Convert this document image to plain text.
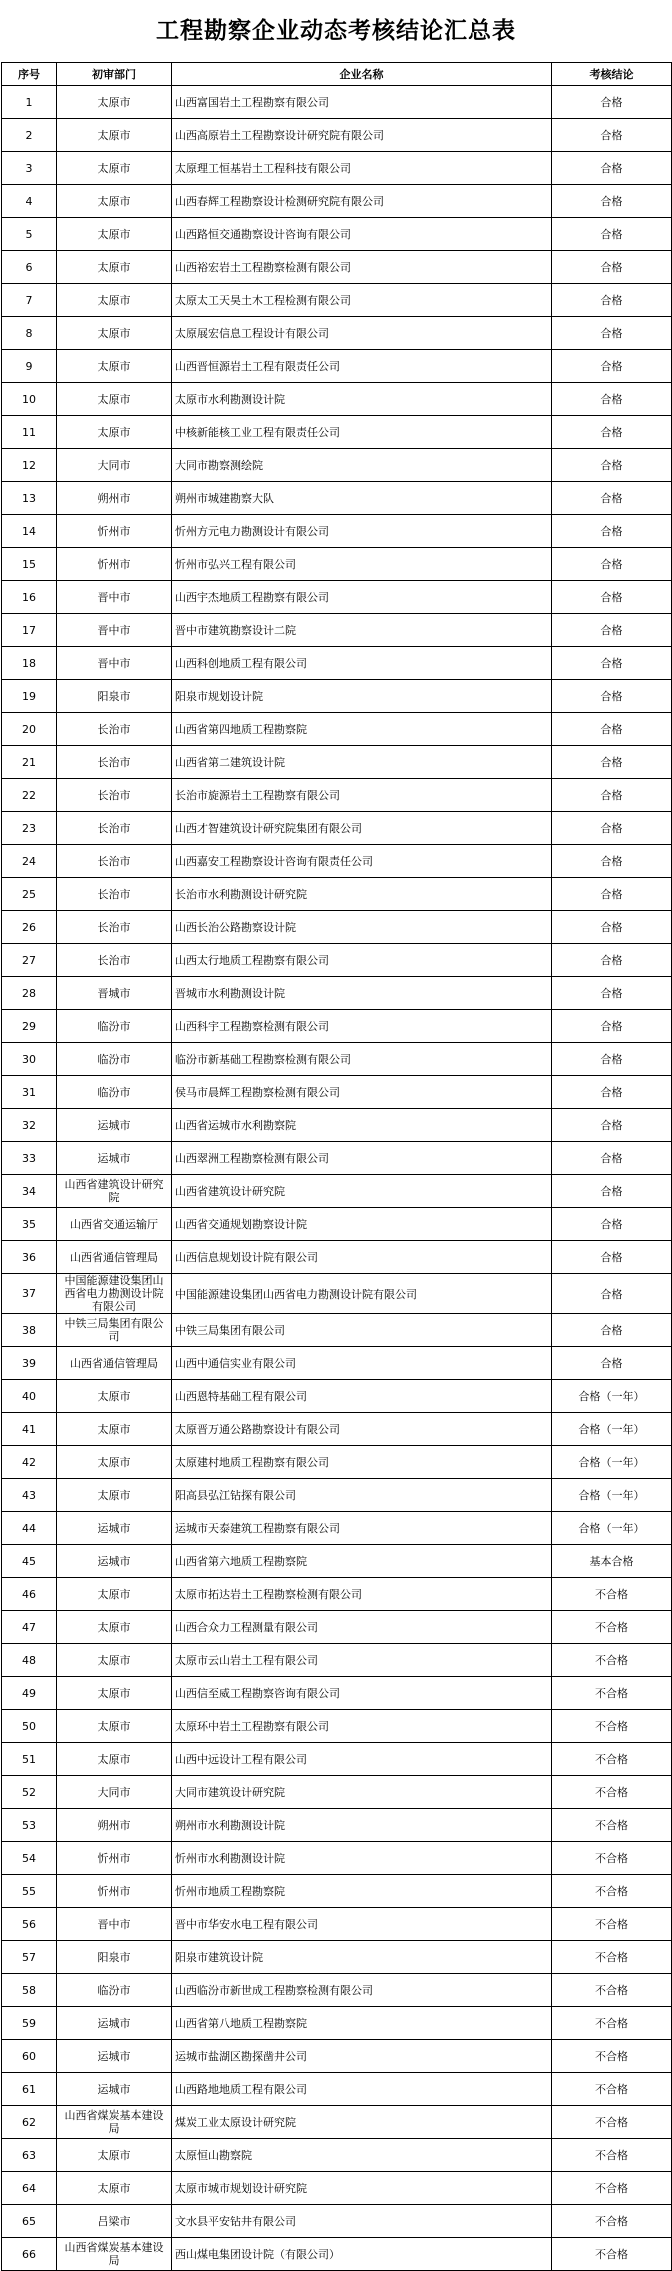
工程勘察企业动态考核结论汇总表
序号	初审部门	企业名称	考核结论
1	太原市	山西富国岩土工程勘察有限公司	合格
2	太原市	山西高原岩土工程勘察设计研究院有限公司	合格
3	太原市	太原理工恒基岩土工程科技有限公司	合格
4	太原市	山西春辉工程勘察设计检测研究院有限公司	合格
5	太原市	山西路恒交通勘察设计咨询有限公司	合格
6	太原市	山西裕宏岩土工程勘察检测有限公司	合格
7	太原市	太原太工天昊土木工程检测有限公司	合格
8	太原市	太原展宏信息工程设计有限公司	合格
9	太原市	山西晋恒源岩土工程有限责任公司	合格
10	太原市	太原市水利勘测设计院	合格
11	太原市	中核新能核工业工程有限责任公司	合格
12	大同市	大同市勘察测绘院	合格
13	朔州市	朔州市城建勘察大队	合格
14	忻州市	忻州方元电力勘测设计有限公司	合格
15	忻州市	忻州市弘兴工程有限公司	合格
16	晋中市	山西宇杰地质工程勘察有限公司	合格
17	晋中市	晋中市建筑勘察设计二院	合格
18	晋中市	山西科创地质工程有限公司	合格
19	阳泉市	阳泉市规划设计院	合格
20	长治市	山西省第四地质工程勘察院	合格
21	长治市	山西省第二建筑设计院	合格
22	长治市	长治市旋源岩土工程勘察有限公司	合格
23	长治市	山西才智建筑设计研究院集团有限公司	合格
24	长治市	山西嘉安工程勘察设计咨询有限责任公司	合格
25	长治市	长治市水利勘测设计研究院	合格
26	长治市	山西长治公路勘察设计院	合格
27	长治市	山西太行地质工程勘察有限公司	合格
28	晋城市	晋城市水利勘测设计院	合格
29	临汾市	山西科宇工程勘察检测有限公司	合格
30	临汾市	临汾市新基础工程勘察检测有限公司	合格
31	临汾市	侯马市晨辉工程勘察检测有限公司	合格
32	运城市	山西省运城市水利勘察院	合格
33	运城市	山西翠洲工程勘察检测有限公司	合格
34	山西省建筑设计研究院	山西省建筑设计研究院	合格
35	山西省交通运输厅	山西省交通规划勘察设计院	合格
36	山西省通信管理局	山西信息规划设计院有限公司	合格
37	中国能源建设集团山西省电力勘测设计院有限公司	中国能源建设集团山西省电力勘测设计院有限公司	合格
38	中铁三局集团有限公司	中铁三局集团有限公司	合格
39	山西省通信管理局	山西中通信实业有限公司	合格
40	太原市	山西恩特基础工程有限公司	合格（一年）
41	太原市	太原晋万通公路勘察设计有限公司	合格（一年）
42	太原市	太原建村地质工程勘察有限公司	合格（一年）
43	太原市	阳高县弘江钻探有限公司	合格（一年）
44	运城市	运城市天泰建筑工程勘察有限公司	合格（一年）
45	运城市	山西省第六地质工程勘察院	基本合格
46	太原市	太原市拓达岩土工程勘察检测有限公司	不合格
47	太原市	山西合众力工程测量有限公司	不合格
48	太原市	太原市云山岩土工程有限公司	不合格
49	太原市	山西信至威工程勘察咨询有限公司	不合格
50	太原市	太原环中岩土工程勘察有限公司	不合格
51	太原市	山西中远设计工程有限公司	不合格
52	大同市	大同市建筑设计研究院	不合格
53	朔州市	朔州市水利勘测设计院	不合格
54	忻州市	忻州市水利勘测设计院	不合格
55	忻州市	忻州市地质工程勘察院	不合格
56	晋中市	晋中市华安水电工程有限公司	不合格
57	阳泉市	阳泉市建筑设计院	不合格
58	临汾市	山西临汾市新世成工程勘察检测有限公司	不合格
59	运城市	山西省第八地质工程勘察院	不合格
60	运城市	运城市盐湖区勘探凿井公司	不合格
61	运城市	山西路地地质工程有限公司	不合格
62	山西省煤炭基本建设局	煤炭工业太原设计研究院	不合格
63	太原市	太原恒山勘察院	不合格
64	太原市	太原市城市规划设计研究院	不合格
65	吕梁市	文水县平安钻井有限公司	不合格
66	山西省煤炭基本建设局	西山煤电集团设计院（有限公司）	不合格
